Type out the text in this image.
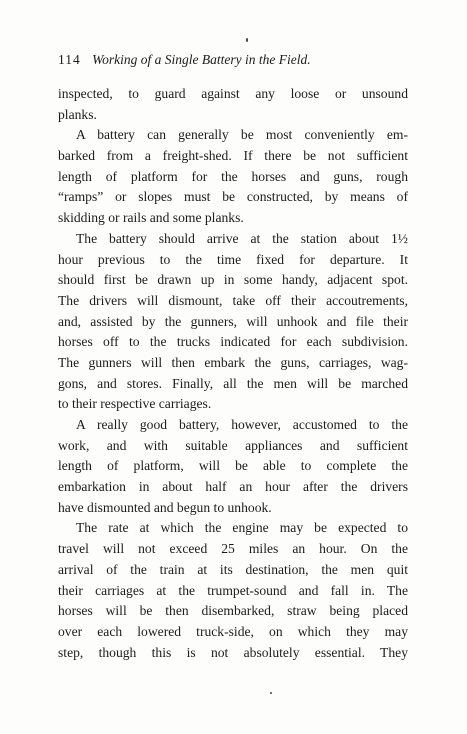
114 Working of a Single Battery in the Field.
inspected, to guard against any loose or unsound
planks.
A battery can generally be most conveniently em-
barked from a freight-shed. If there be not sufficient
length of platform for the horses and guns, rough
“ramps” or slopes must be constructed, by means of
skidding or rails and some planks.
The battery should arrive at the station about 1½
hour previous to the time fixed for departure. It
should first be drawn up in some handy, adjacent spot.
The drivers will dismount, take off their accoutrements,
and, assisted by the gunners, will unhook and file their
horses off to the trucks indicated for each subdivision.
The gunners will then embark the guns, carriages, wag-
gons, and stores. Finally, all the men will be marched
to their respective carriages.
A really good battery, however, accustomed to the
work, and with suitable appliances and sufficient
length of platform, will be able to complete the
embarkation in about half an hour after the drivers
have dismounted and begun to unhook.
The rate at which the engine may be expected to
travel will not exceed 25 miles an hour. On the
arrival of the train at its destination, the men quit
their carriages at the trumpet-sound and fall in. The
horses will be then disembarked, straw being placed
over each lowered truck-side, on which they may
step, though this is not absolutely essential. They
